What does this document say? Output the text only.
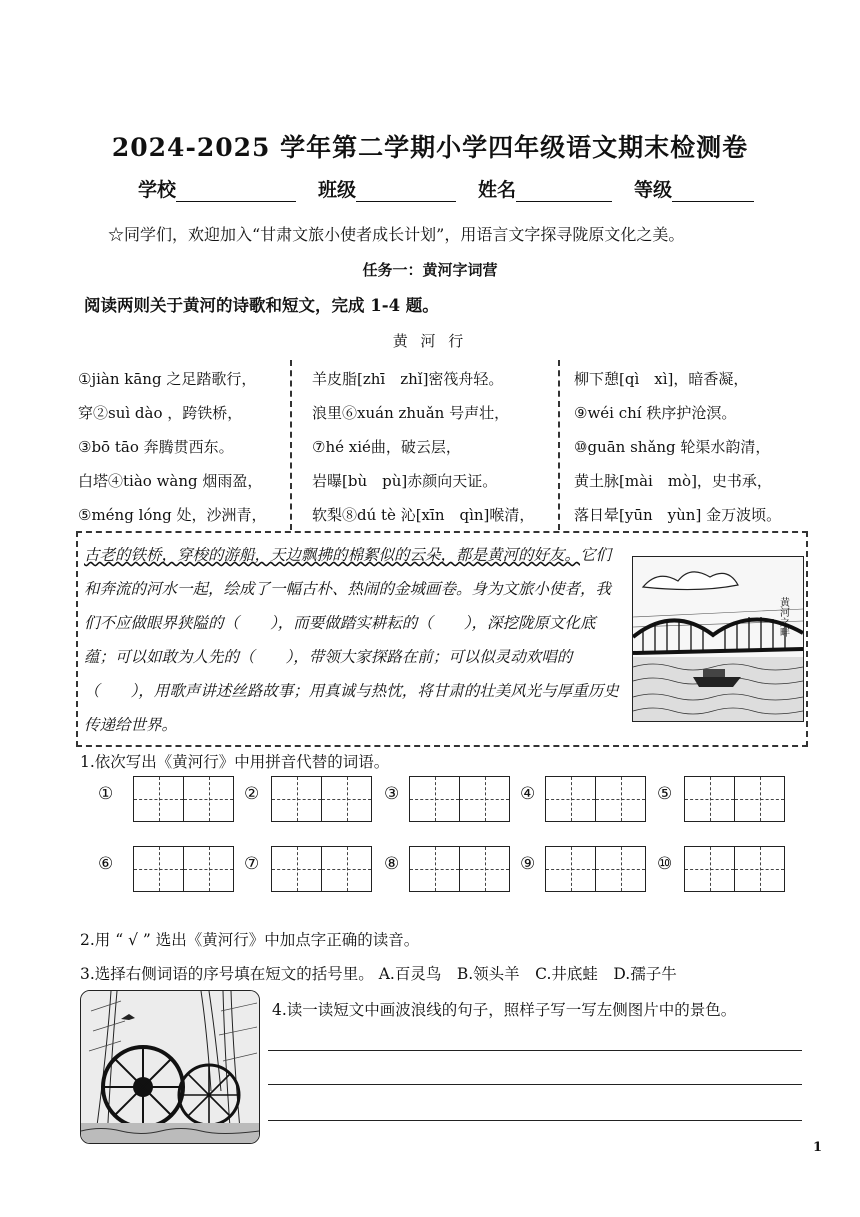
2024-2025 学年第二学期小学四年级语文期末检测卷
学校	班级	姓名	等级
☆同学们，欢迎加入“甘肃文旅小使者成长计划”，用语言文字探寻陇原文化之美。
任务一：黄河字词营
阅读两则关于黄河的诗歌和短文，完成 1-4 题。
黄 河 行
①jiàn kāng 之足踏歌行，
穿②suì dào ，跨铁桥，
③bō tāo 奔腾贯西东。
白塔④tiào wàng 烟雨盈，
⑤méng lóng 处，沙洲青，
羊皮脂[zhī　zhǐ]密筏舟轻。
浪里⑥xuán zhuǎn 号声壮，
⑦hé xié曲，破云层，
岩曝[bù　pù]赤颜向天证。
软梨⑧dú tè 沁[xīn　qìn]喉清，
柳下憩[qì　xì]，暗香凝，
⑨wéi chí 秩序护沧溟。
⑩guān shǎng 轮渠水韵清，
黄土脉[mài　mò]，史书承，
落日晕[yūn　yùn] 金万波顷。
古老的铁桥，穿梭的游船，天边飘拂的棉絮似的云朵，都是黄河的好友。它们和奔流的河水一起，绘成了一幅古朴、热闹的金城画卷。身为文旅小使者，我们不应做眼界狭隘的（　　），而要做踏实耕耘的（　　），深挖陇原文化底蕴；可以如敢为人先的（　　），带领大家探路在前；可以似灵动欢唱的（　　），用歌声讲述丝路故事；用真诚与热忱，将甘肃的壮美风光与厚重历史传递给世界。
黄河之畔
1.依次写出《黄河行》中用拼音代替的词语。
①	②	③	④	⑤
⑥	⑦	⑧	⑨	⑩
2.用 “ √ ” 选出《黄河行》中加点字正确的读音。
3.选择右侧词语的序号填在短文的括号里。 A.百灵鸟　B.领头羊　C.井底蛙　D.孺子牛
4.读一读短文中画波浪线的句子，照样子写一写左侧图片中的景色。
1
